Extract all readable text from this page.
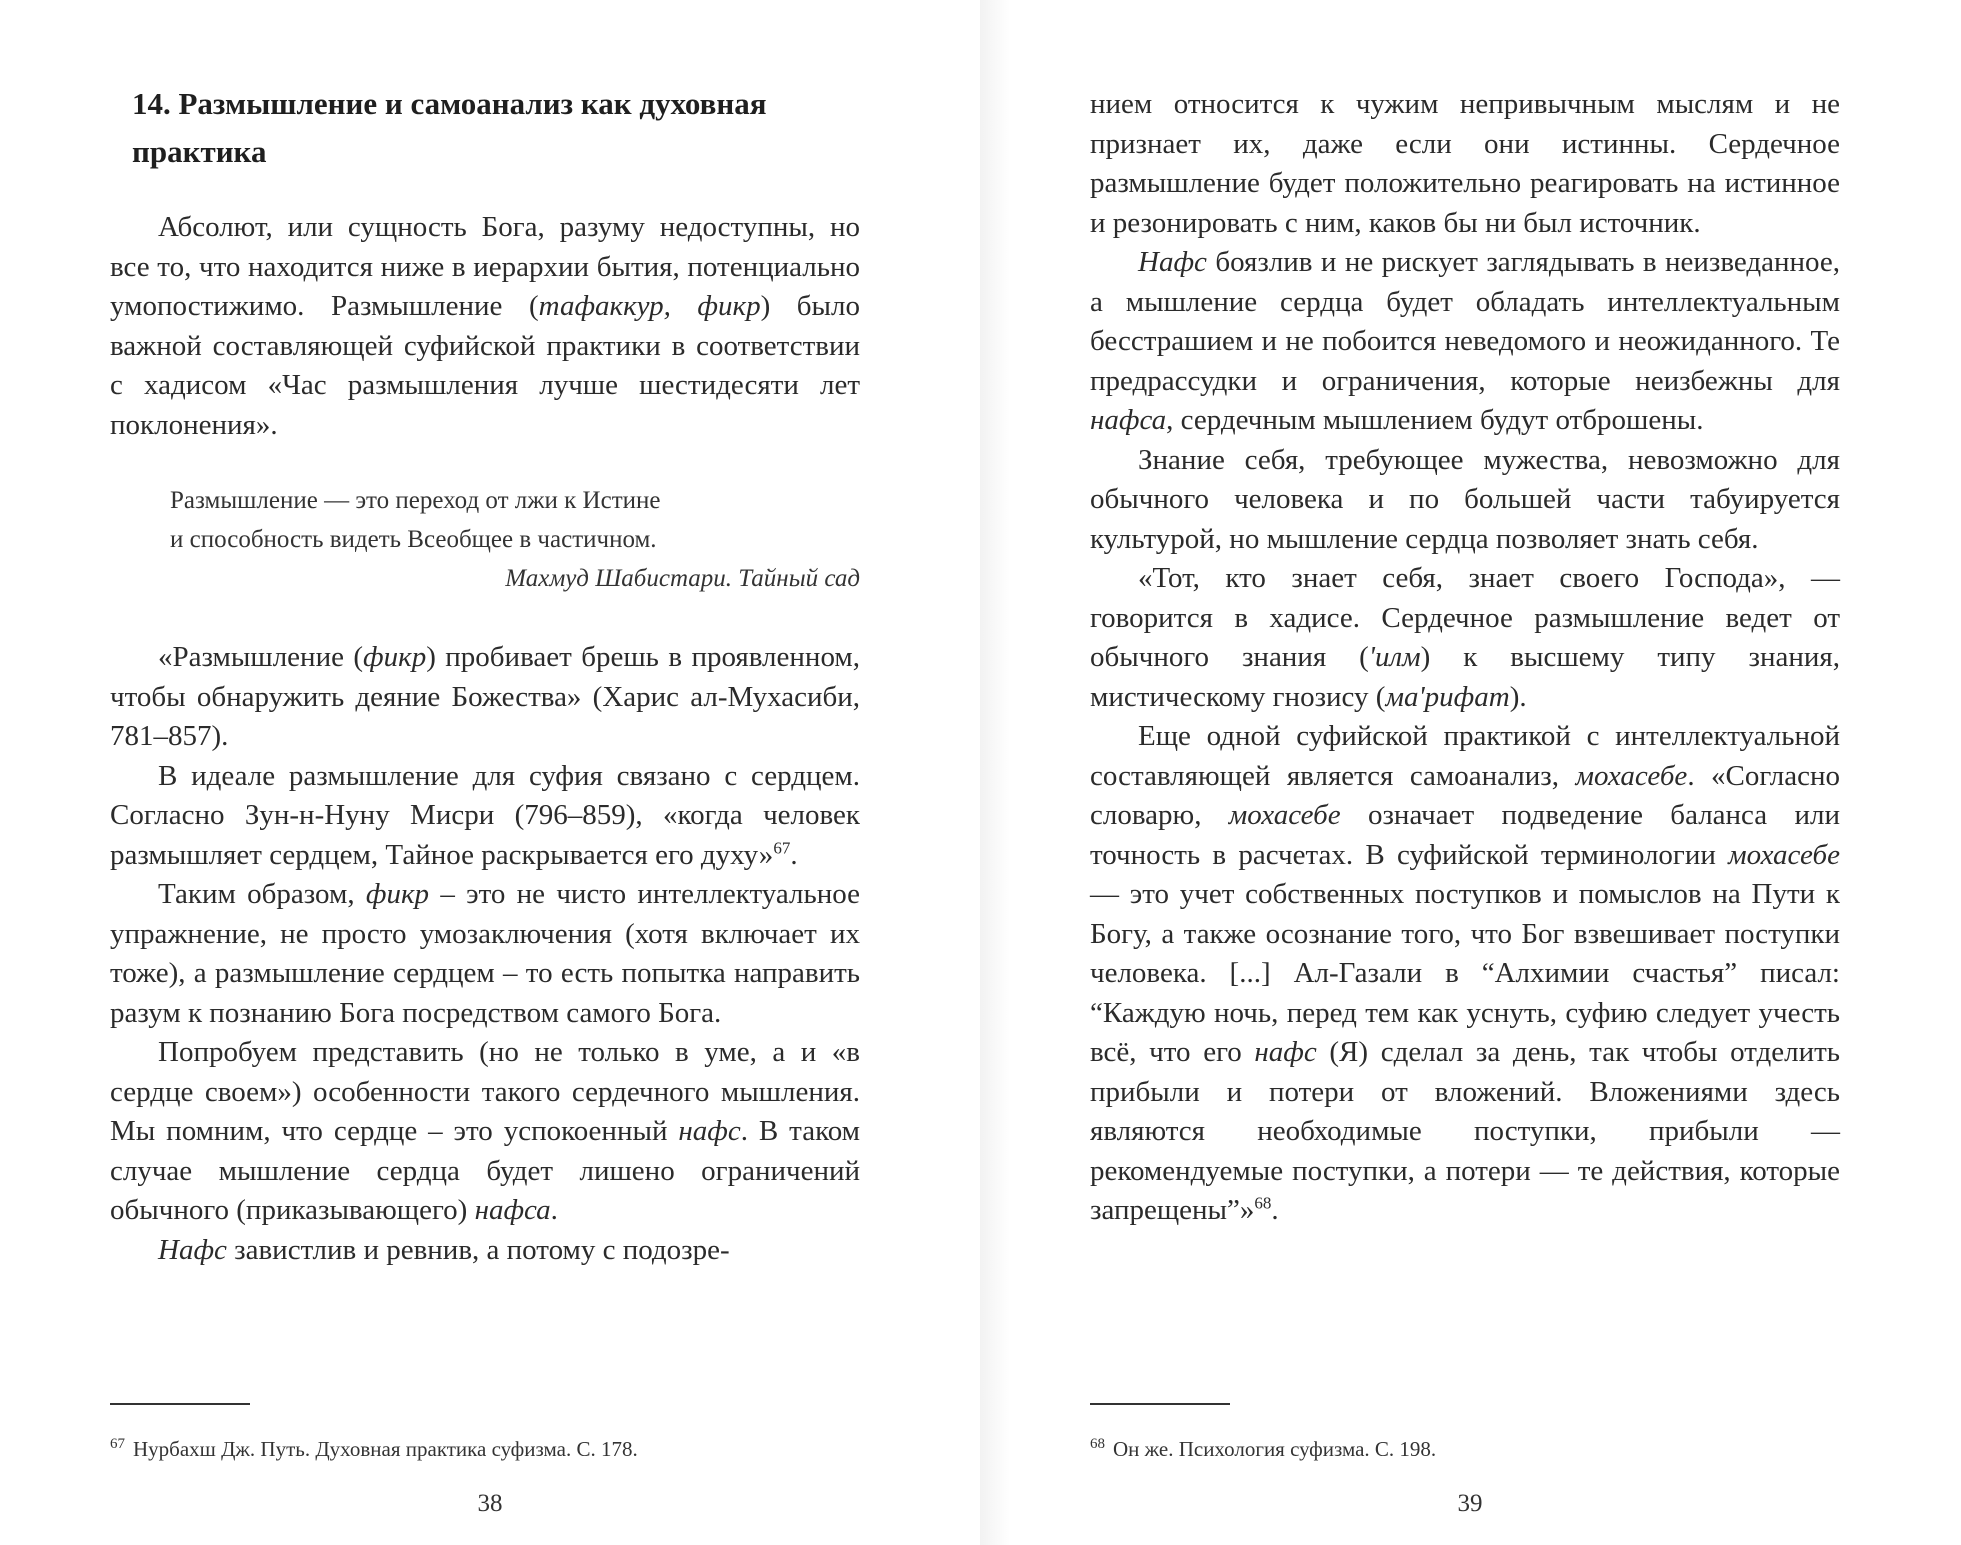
14. Размышление и самоанализ как духовная практика

Абсолют, или сущность Бога, разуму недоступны, но все то, что находится ниже в иерархии бытия, потенциально умопостижимо. Размышление (тафаккур, фикр) было важной составляющей суфийской практики в соответствии с хадисом «Час размышления лучше шестидесяти лет поклонения».

Размышление — это переход от лжи к Истине
и способность видеть Всеобщее в частичном.
Махмуд Шабистари. Тайный сад

«Размышление (фикр) пробивает брешь в проявленном, чтобы обнаружить деяние Божества» (Харис ал-Мухасиби, 781–857).

В идеале размышление для суфия связано с сердцем. Согласно Зун-н-Нуну Мисри (796–859), «когда человек размышляет сердцем, Тайное раскрывается его духу»$^{67}$.

Таким образом, фикр – это не чисто интеллектуальное упражнение, не просто умозаключения (хотя включает их тоже), а размышление сердцем – то есть попытка направить разум к познанию Бога посредством самого Бога.

Попробуем представить (но не только в уме, а и «в сердце своем») особенности такого сердечного мышления. Мы помним, что сердце – это успокоенный нафс. В таком случае мышление сердца будет лишено ограничений обычного (приказывающего) нафса.

Нафс завистлив и ревнив, а потому с подозре-

$^{67}$ Нурбахш Дж. Путь. Духовная практика суфизма. С. 178.
38

нием относится к чужим непривычным мыслям и не признает их, даже если они истинны. Сердечное размышление будет положительно реагировать на истинное и резонировать с ним, каков бы ни был источник.

Нафс боязлив и не рискует заглядывать в неизведанное, а мышление сердца будет обладать интеллектуальным бесстрашием и не побоится неведомого и неожиданного. Те предрассудки и ограничения, которые неизбежны для нафса, сердечным мышлением будут отброшены.

Знание себя, требующее мужества, невозможно для обычного человека и по большей части табуируется культурой, но мышление сердца позволяет знать себя.

«Тот, кто знает себя, знает своего Господа», — говорится в хадисе. Сердечное размышление ведет от обычного знания ('илм) к высшему типу знания, мистическому гнозису (ма'рифат).

Еще одной суфийской практикой с интеллектуальной составляющей является самоанализ, мохасебе. «Согласно словарю, мохасебе означает подведение баланса или точность в расчетах. В суфийской терминологии мохасебе — это учет собственных поступков и помыслов на Пути к Богу, а также осознание того, что Бог взвешивает поступки человека. [...] Ал-Газали в “Алхимии счастья” писал: “Каждую ночь, перед тем как уснуть, суфию следует учесть всё, что его нафс (Я) сделал за день, так чтобы отделить прибыли и потери от вложений. Вложениями здесь являются необходимые поступки, прибыли — рекомендуемые поступки, а потери — те действия, которые запрещены”»$^{68}$.

$^{68}$ Он же. Психология суфизма. С. 198.
39
